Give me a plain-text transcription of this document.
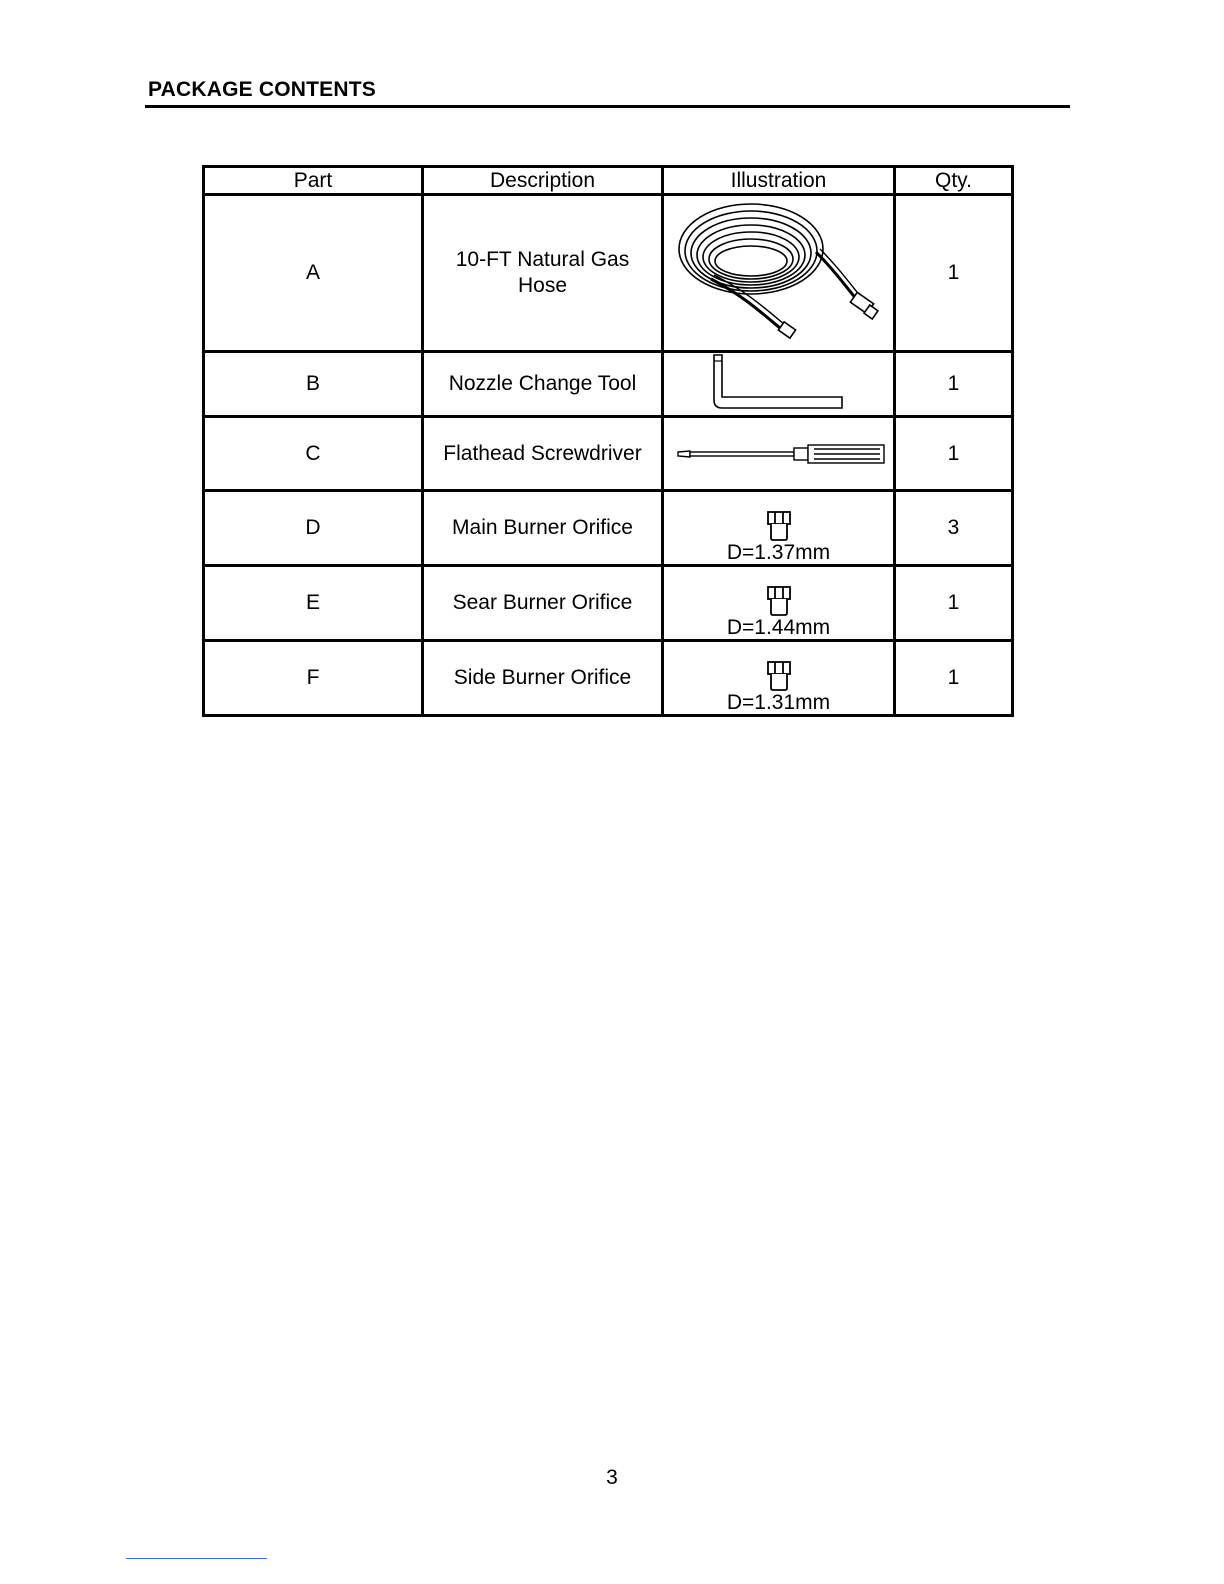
PACKAGE CONTENTS
Part	Description	Illustration	Qty.
A	10-FT Natural Gas Hose		1
B	Nozzle Change Tool		1
C	Flathead Screwdriver		1
D	Main Burner Orifice	D=1.37mm	3
E	Sear Burner Orifice	D=1.44mm	1
F	Side Burner Orifice	D=1.31mm	1
3
